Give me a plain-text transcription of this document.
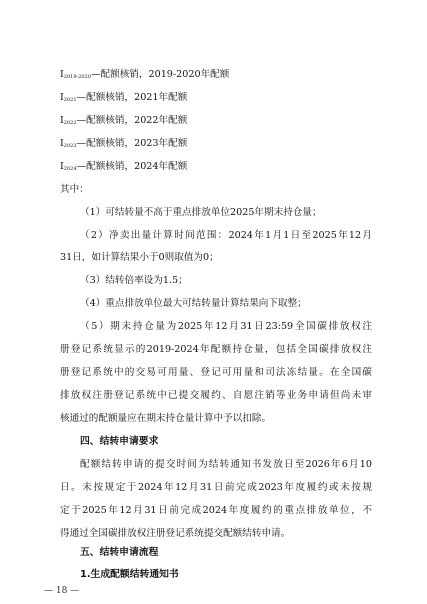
$I_{2019-2020}—$配额核销，2019-2020年配额
$I_{2021}—$配额核销，2021年配额
$I_{2022}—$配额核销，2022年配额
$I_{2023}—$配额核销，2023年配额
$I_{2024}—$配额核销，2024年配额
其中：
（1）可结转量不高于重点排放单位2025年期末持仓量；
（2）净卖出量计算时间范围：2024年1月1日至2025年12月
31日，如计算结果小于0则取值为0；
（3）结转倍率设为1.5；
（4）重点排放单位最大可结转量计算结果向下取整；
（5）期末持仓量为2025年12月31日23:59全国碳排放权注
册登记系统显示的2019-2024年配额持仓量，包括全国碳排放权注
册登记系统中的交易可用量、登记可用量和司法冻结量。在全国碳
排放权注册登记系统中已提交履约、自愿注销等业务申请但尚未审
核通过的配额量应在期末持仓量计算中予以扣除。
四、结转申请要求
配额结转申请的提交时间为结转通知书发放日至2026年6月10
日。未按规定于2024年12月31日前完成2023年度履约或未按规
定于2025年12月31日前完成2024年度履约的重点排放单位，不
得通过全国碳排放权注册登记系统提交配额结转申请。
五、结转申请流程
1.生成配额结转通知书
— 18 —
